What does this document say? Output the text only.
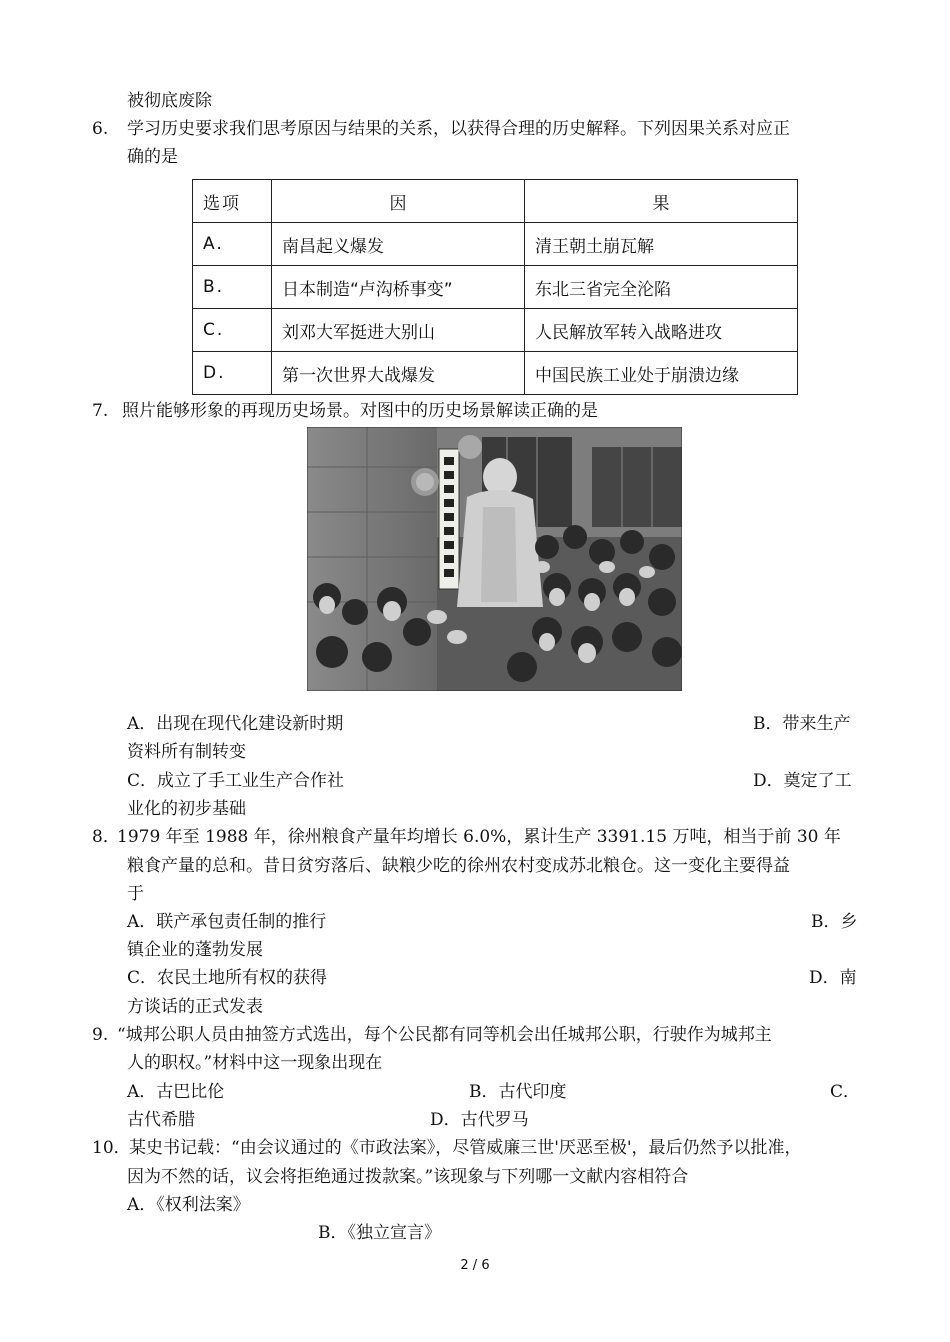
被彻底废除
6. 学习历史要求我们思考原因与结果的关系，以获得合理的历史解释。下列因果关系对应正
确的是
选项	因	果
A.	南昌起义爆发	清王朝土崩瓦解
B.	日本制造“卢沟桥事变”	东北三省完全沦陷
C.	刘邓大军挺进大别山	人民解放军转入战略进攻
D.	第一次世界大战爆发	中国民族工业处于崩溃边缘
7. 照片能够形象的再现历史场景。对图中的历史场景解读正确的是
A．出现在现代化建设新时期	B．带来生产
资料所有制转变
C．成立了手工业生产合作社	D．奠定了工
业化的初步基础
8．
1979 年至 1988 年，徐州粮食产量年均增长 6.0%，累计生产 3391.15 万吨，相当于前 30 年
粮食产量的总和。昔日贫穷落后、缺粮少吃的徐州农村变成苏北粮仓。这一变化主要得益
于
A．联产承包责任制的推行	B．乡
镇企业的蓬勃发展
C．农民土地所有权的获得	D．南
方谈话的正式发表
9. “城邦公职人员由抽签方式选出，每个公民都有同等机会出任城邦公职，行驶作为城邦主
人的职权。”材料中这一现象出现在
A．古巴比伦	B．古代印度	C．
古代希腊	D．古代罗马
10．
某史书记载：“由会议通过的《市政法案》，尽管威廉三世'厌恶至极'，最后仍然予以批准，
因为不然的话，议会将拒绝通过拨款案。”该现象与下列哪一文献内容相符合
A．《权利法案》
B．《独立宣言》
2 / 6
